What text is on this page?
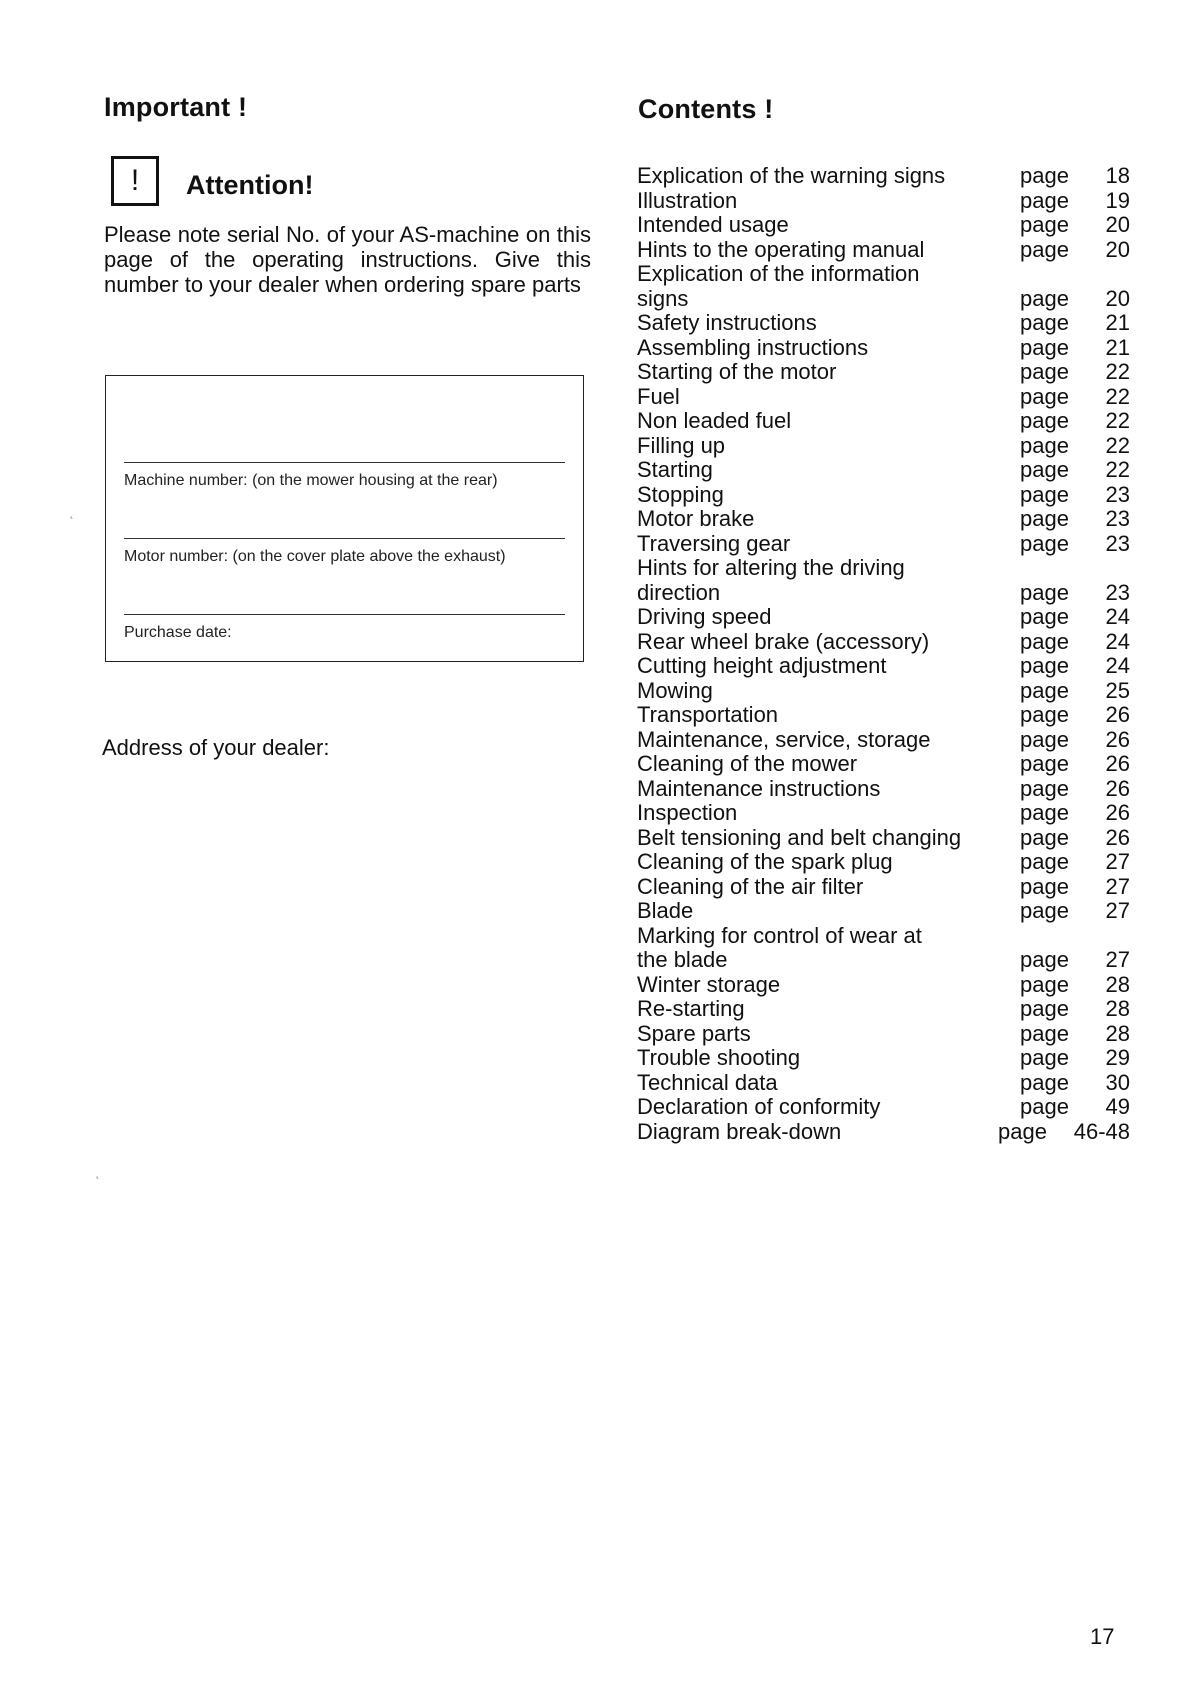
Important !
! Attention!
Please note serial No. of your AS-machine on this page of the operating instructions. Give this number to your dealer when ordering spare parts
Machine number: (on the mower housing at the rear)
Motor number: (on the cover plate above the exhaust)
Purchase date:
Address of your dealer:
Contents !
Explication of the warning signs	page 18
Illustration	page 19
Intended usage	page 20
Hints to the operating manual	page 20
Explication of the information
signs	page 20
Safety instructions	page 21
Assembling instructions	page 21
Starting of the motor	page 22
Fuel	page 22
Non leaded fuel	page 22
Filling up	page 22
Starting	page 22
Stopping	page 23
Motor brake	page 23
Traversing gear	page 23
Hints for altering the driving
direction	page 23
Driving speed	page 24
Rear wheel brake (accessory)	page 24
Cutting height adjustment	page 24
Mowing	page 25
Transportation	page 26
Maintenance, service, storage	page 26
Cleaning of the mower	page 26
Maintenance instructions	page 26
Inspection	page 26
Belt tensioning and belt changing	page 26
Cleaning of the spark plug	page 27
Cleaning of the air filter	page 27
Blade	page 27
Marking for control of wear at
the blade	page 27
Winter storage	page 28
Re-starting	page 28
Spare parts	page 28
Trouble shooting	page 29
Technical data	page 30
Declaration of conformity	page 49
Diagram break-down	page 46-48
17
˛
˛
